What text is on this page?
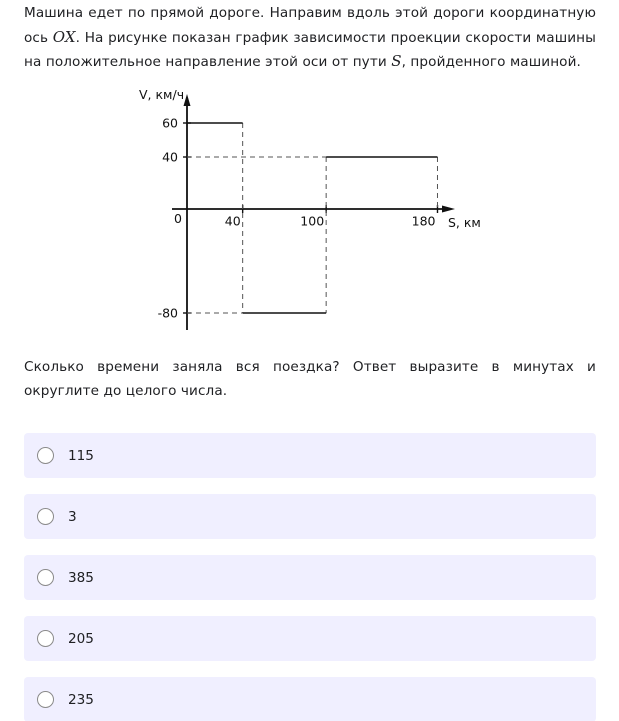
Машина едет по прямой дороге. Направим вдоль этой дороги координатную ось OX. На рисунке показан график зависимости проекции скорости машины на положительное направление этой оси от пути S, пройденного машиной.
60
40
-80
40	100	180
0
V, км/ч
S, км
Сколько времени заняла вся поездка? Ответ выразите в минутах и округлите до целого числа.
115
3
385
205
235
